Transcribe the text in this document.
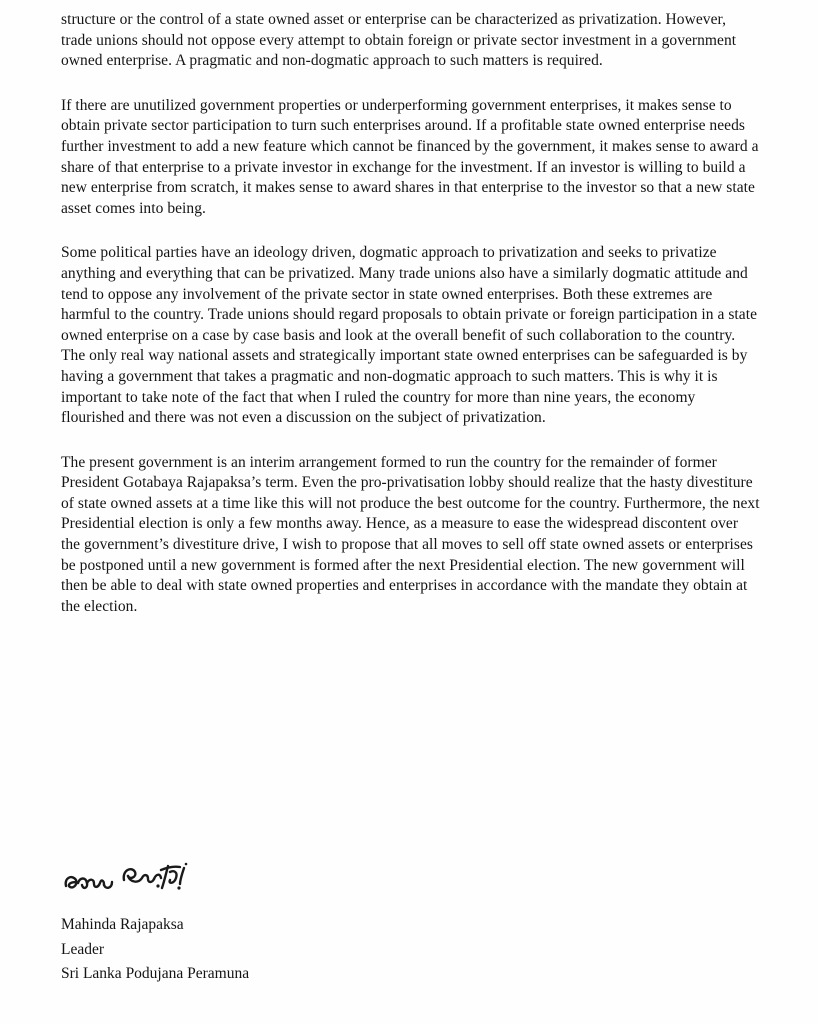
structure or the control of a state owned asset or enterprise can be characterized as privatization. However, trade unions should not oppose every attempt to obtain foreign or private sector investment in a government owned enterprise. A pragmatic and non-dogmatic approach to such matters is required.

If there are unutilized government properties or underperforming government enterprises, it makes sense to obtain private sector participation to turn such enterprises around. If a profitable state owned enterprise needs further investment to add a new feature which cannot be financed by the government, it makes sense to award a share of that enterprise to a private investor in exchange for the investment. If an investor is willing to build a new enterprise from scratch, it makes sense to award shares in that enterprise to the investor so that a new state asset comes into being.

Some political parties have an ideology driven, dogmatic approach to privatization and seeks to privatize anything and everything that can be privatized. Many trade unions also have a similarly dogmatic attitude and tend to oppose any involvement of the private sector in state owned enterprises. Both these extremes are harmful to the country. Trade unions should regard proposals to obtain private or foreign participation in a state owned enterprise on a case by case basis and look at the overall benefit of such collaboration to the country. The only real way national assets and strategically important state owned enterprises can be safeguarded is by having a government that takes a pragmatic and non-dogmatic approach to such matters. This is why it is important to take note of the fact that when I ruled the country for more than nine years, the economy flourished and there was not even a discussion on the subject of privatization.

The present government is an interim arrangement formed to run the country for the remainder of former President Gotabaya Rajapaksa’s term. Even the pro-privatisation lobby should realize that the hasty divestiture of state owned assets at a time like this will not produce the best outcome for the country. Furthermore, the next Presidential election is only a few months away. Hence, as a measure to ease the widespread discontent over the government’s divestiture drive, I wish to propose that all moves to sell off state owned assets or enterprises be postponed until a new government is formed after the next Presidential election. The new government will then be able to deal with state owned properties and enterprises in accordance with the mandate they obtain at the election.

Mahinda Rajapaksa
Leader
Sri Lanka Podujana Peramuna
